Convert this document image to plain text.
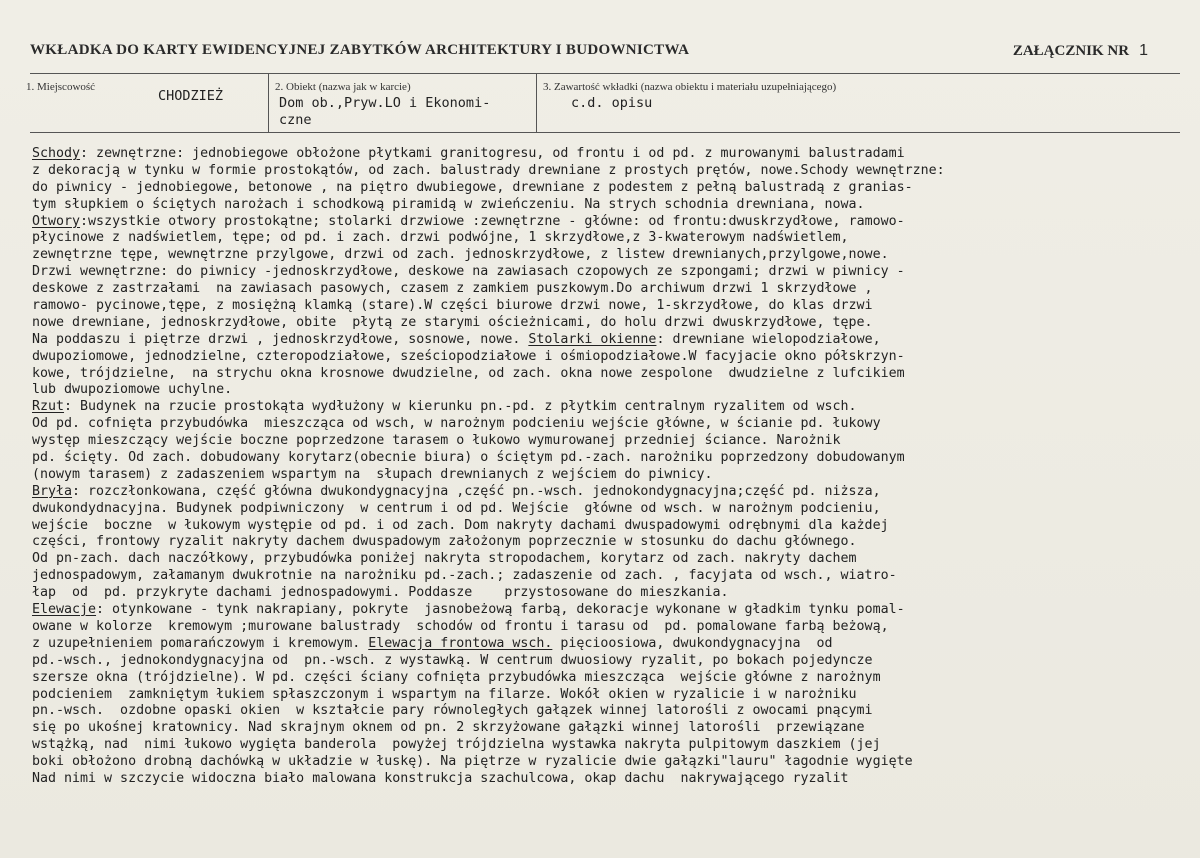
WKŁADKA DO KARTY EWIDENCYJNEJ ZABYTKÓW ARCHITEKTURY I BUDOWNICTWA	ZAŁĄCZNIK NR 1
1. Miejscowość
CHODZIEŻ
2. Obiekt (nazwa jak w karcie)
Dom ob.,Pryw.LO i Ekonomi-
czne
3. Zawartość wkładki (nazwa obiektu i materiału uzupełniającego)
c.d. opisu
Schody: zewnętrzne: jednobiegowe obłożone płytkami granitogresu, od frontu i od pd. z murowanymi balustradami
z dekoracją w tynku w formie prostokątów, od zach. balustrady drewniane z prostych prętów, nowe.Schody wewnętrzne:
do piwnicy - jednobiegowe, betonowe , na piętro dwubiegowe, drewniane z podestem z pełną balustradą z granias-
tym słupkiem o ściętych narożach i schodkową piramidą w zwieńczeniu. Na strych schodnia drewniana, nowa.
Otwory:wszystkie otwory prostokątne; stolarki drzwiowe :zewnętrzne - główne: od frontu:dwuskrzydłowe, ramowo-
płycinowe z nadświetlem, tępe; od pd. i zach. drzwi podwójne, 1 skrzydłowe,z 3-kwaterowym nadświetlem,
zewnętrzne tępe, wewnętrzne przylgowe, drzwi od zach. jednoskrzydłowe, z listew drewnianych,przylgowe,nowe.
Drzwi wewnętrzne: do piwnicy -jednoskrzydłowe, deskowe na zawiasach czopowych ze szpongami; drzwi w piwnicy -
deskowe z zastrzałami  na zawiasach pasowych, czasem z zamkiem puszkowym.Do archiwum drzwi 1 skrzydłowe ,
ramowo- pycinowe,tępe, z mosiężną klamką (stare).W części biurowe drzwi nowe, 1-skrzydłowe, do klas drzwi
nowe drewniane, jednoskrzydłowe, obite  płytą ze starymi ościeżnicami, do holu drzwi dwuskrzydłowe, tępe.
Na poddaszu i piętrze drzwi , jednoskrzydłowe, sosnowe, nowe. Stolarki okienne: drewniane wielopodziałowe,
dwupoziomowe, jednodzielne, czteropodziałowe, sześciopodziałowe i ośmiopodziałowe.W facyjacie okno półskrzyn-
kowe, trójdzielne,  na strychu okna krosnowe dwudzielne, od zach. okna nowe zespolone  dwudzielne z lufcikiem
lub dwupoziomowe uchylne.
Rzut: Budynek na rzucie prostokąta wydłużony w kierunku pn.-pd. z płytkim centralnym ryzalitem od wsch.
Od pd. cofnięta przybudówka  mieszcząca od wsch, w narożnym podcieniu wejście główne, w ścianie pd. łukowy
występ mieszczący wejście boczne poprzedzone tarasem o łukowo wymurowanej przedniej ściance. Narożnik
pd. ścięty. Od zach. dobudowany korytarz(obecnie biura) o ściętym pd.-zach. narożniku poprzedzony dobudowanym
(nowym tarasem) z zadaszeniem wspartym na  słupach drewnianych z wejściem do piwnicy.
Bryła: rozczłonkowana, część główna dwukondygnacyjna ,część pn.-wsch. jednokondygnacyjna;część pd. niższa,
dwukondydnacyjna. Budynek podpiwniczony  w centrum i od pd. Wejście  główne od wsch. w narożnym podcieniu,
wejście  boczne  w łukowym występie od pd. i od zach. Dom nakryty dachami dwuspadowymi odrębnymi dla każdej
części, frontowy ryzalit nakryty dachem dwuspadowym założonym poprzecznie w stosunku do dachu głównego.
Od pn-zach. dach naczółkowy, przybudówka poniżej nakryta stropodachem, korytarz od zach. nakryty dachem
jednospadowym, załamanym dwukrotnie na narożniku pd.-zach.; zadaszenie od zach. , facyjata od wsch., wiatro-
łap  od  pd. przykryte dachami jednospadowymi. Poddasze    przystosowane do mieszkania.
Elewacje: otynkowane - tynk nakrapiany, pokryte  jasnobeżową farbą, dekoracje wykonane w gładkim tynku pomal-
owane w kolorze  kremowym ;murowane balustrady  schodów od frontu i tarasu od  pd. pomalowane farbą beżową,
z uzupełnieniem pomarańczowym i kremowym. Elewacja frontowa wsch. pięcioosiowa, dwukondygnacyjna  od
pd.-wsch., jednokondygnacyjna od  pn.-wsch. z wystawką. W centrum dwuosiowy ryzalit, po bokach pojedyncze
szersze okna (trójdzielne). W pd. części ściany cofnięta przybudówka mieszcząca  wejście główne z narożnym
podcieniem  zamkniętym łukiem spłaszczonym i wspartym na filarze. Wokół okien w ryzalicie i w narożniku
pn.-wsch.  ozdobne opaski okien  w kształcie pary równoległych gałązek winnej latorośli z owocami pnącymi
się po ukośnej kratownicy. Nad skrajnym oknem od pn. 2 skrzyżowane gałązki winnej latorośli  przewiązane
wstążką, nad  nimi łukowo wygięta banderola  powyżej trójdzielna wystawka nakryta pulpitowym daszkiem (jej
boki obłożono drobną dachówką w układzie w łuskę). Na piętrze w ryzalicie dwie gałązki"lauru" łagodnie wygięte
Nad nimi w szczycie widoczna biało malowana konstrukcja szachulcowa, okap dachu  nakrywającego ryzalit
